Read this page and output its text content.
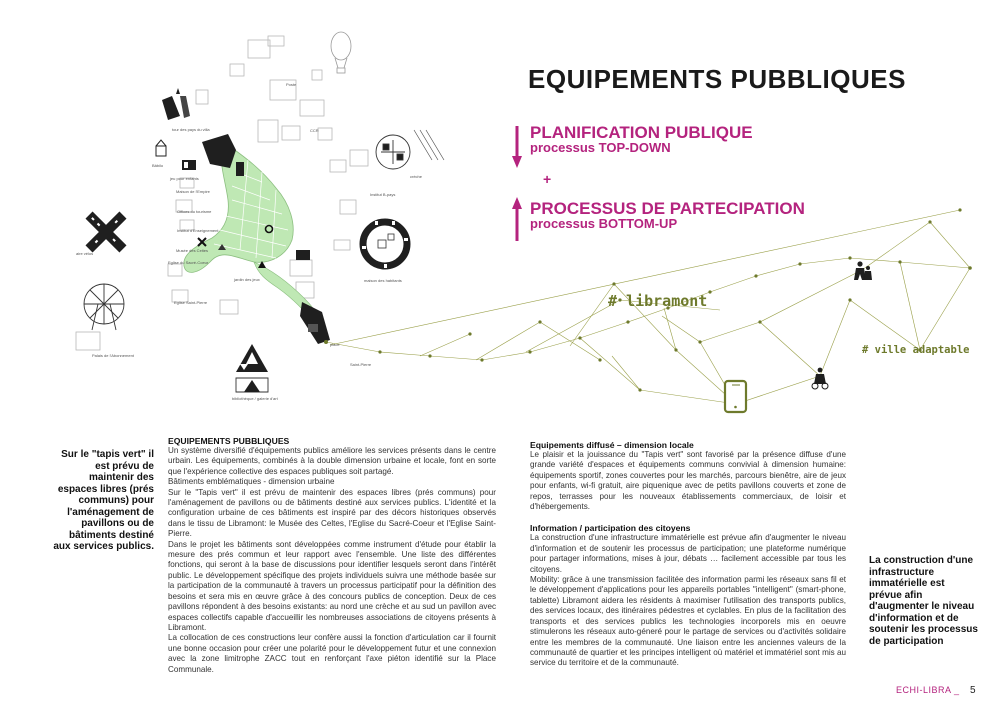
tour des pays du villa
Bâbilo
jeu pour enfants
Maison de l'Empire
Offices du tourisme
Institut d'Enseignement
Musée des Celtes
Eglise du Sacré-Coeur
jardin des jeux
Eglise Saint-Pierre
Palais de l'Abonnement
place
crèche
Institut B-pays
maison des habitants
bibliothèque / galerie d'art
aire vélos
CCR
Poste
Saint-Pierre
EQUIPEMENTS PUBBLIQUES
PLANIFICATION PUBLIQUE
processus TOP-DOWN
+
PROCESSUS DE PARTECIPATION
processus BOTTOM-UP
# libramont
# ville adaptable
Sur le "tapis vert" il est prévu de maintenir des espaces libres (prés communs) pour l'aménagement de pavillons ou de bâtiments destiné aux services publics.

EQUIPEMENTS PUBBLIQUES

Un système diversifié d'équipements publics améliore les services présents dans le centre urbain. Les équipements, combinés à la double dimension urbaine et locale, font en sorte que l'expérience collective des espaces publiques soit partagé.

Bâtiments emblématiques - dimension urbaine

Sur le "Tapis vert" il est prévu de maintenir des espaces libres (prés communs) pour l'aménagement de pavillons ou de bâtiments destiné aux services publics. L'identité et la configuration urbaine de ces bâtiments est inspiré par des décors historiques observés dans le tissu de Libramont: le Musée des Celtes, l'Eglise du Sacré-Coeur et l'Eglise Saint-Pierre.

Dans le projet les bâtiments sont développées comme instrument d'étude pour établir la mesure des prés commun et leur rapport avec l'ensemble. Une liste des différentes fonctions, qui seront à la base de discussions pour identifier lesquels seront dans l'intérêt public. Le développement spécifique des projets individuels suivra une méthode basée sur la participation de la communauté à travers un processus participatif pour la définition des besoins et sera mis en œuvre grâce à des concours publics de conception. Deux de ces pavillons répondent à des besoins existants: au nord une crèche et au sud un pavillon avec espaces collectifs capable d'accueillir les nombreuses associations de citoyens présents à Libramont.

La collocation de ces constructions leur confère aussi la fonction d'articulation car il fournit une bonne occasion pour créer une polarité pour le développement futur et une connexion avec la zone limitrophe ZACC tout en renforçant l'axe piéton identifié sur la Place Communale.

Equipements diffusé – dimension locale

Le plaisir et la jouissance du "Tapis vert" sont favorisé par la présence diffuse d'une grande variété d'espaces et équipements communs convivial à dimension humaine: équipements sportif, zones couvertes pour les marchés, parcours bienêtre, aire de jeux pour enfants, wi-fi gratuit, aire piquenique avec de petits pavillons couverts et zone de repos, terrasses pour les nouveaux établissements commerciaux, de loisir et d'hébergements.

Information / participation des citoyens

La construction d'une infrastructure immatérielle est prévue afin d'augmenter le niveau d'information et de soutenir les processus de participation; une plateforme numérique pour partager informations, mises à jour, débats … facilement accessible par tous les citoyens.

Mobility: grâce à une transmission facilitée des information parmi les réseaux sans fil et le développement d'applications pour les appareils portables "intelligent" (smart-phone, tablette) Libramont aidera les résidents à maximiser l'utilisation des transports publics, des services locaux, des itinéraires pédestres et cyclables. En plus de la facilitation des transports et des services publics les technologies incorporels mis en oeuvre stimulerons les réseaux auto-géneré pour le partage de services ou d'activités solidaire entre les membres de la communauté. Une liaison entre les anciennes valeurs de la communauté de quartier et les principes intelligent où matériel et immatériel sont mis au service du territoire et de la communauté.

La construction d'une infrastructure immatérielle est prévue afin d'augmenter le niveau d'information et de soutenir les processus de participation
ECHI-LIBRA _ 5
